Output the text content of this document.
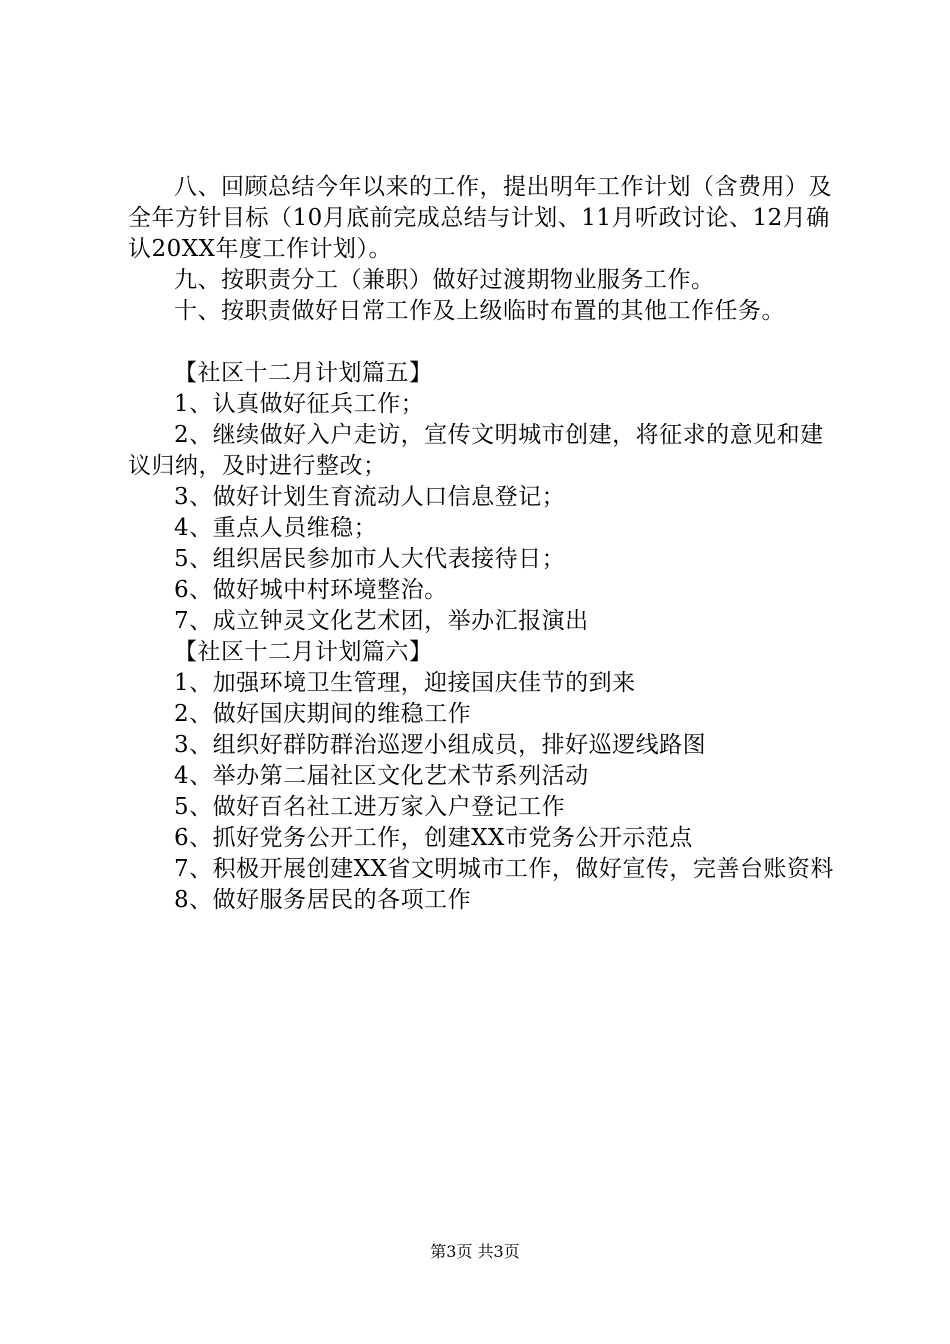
八、回顾总结今年以来的工作，提出明年工作计划（含费用）及全年方针目标（10月底前完成总结与计划、11月听政讨论、12月确认20XX年度工作计划）。

九、按职责分工（兼职）做好过渡期物业服务工作。

十、按职责做好日常工作及上级临时布置的其他工作任务。

【社区十二月计划篇五】

1、认真做好征兵工作；

2、继续做好入户走访，宣传文明城市创建，将征求的意见和建议归纳，及时进行整改；

3、做好计划生育流动人口信息登记；

4、重点人员维稳；

5、组织居民参加市人大代表接待日；

6、做好城中村环境整治。

7、成立钟灵文化艺术团，举办汇报演出

【社区十二月计划篇六】

1、加强环境卫生管理，迎接国庆佳节的到来

2、做好国庆期间的维稳工作

3、组织好群防群治巡逻小组成员，排好巡逻线路图

4、举办第二届社区文化艺术节系列活动

5、做好百名社工进万家入户登记工作

6、抓好党务公开工作，创建XX市党务公开示范点

7、积极开展创建XX省文明城市工作，做好宣传，完善台账资料

8、做好服务居民的各项工作

第3页 共3页
